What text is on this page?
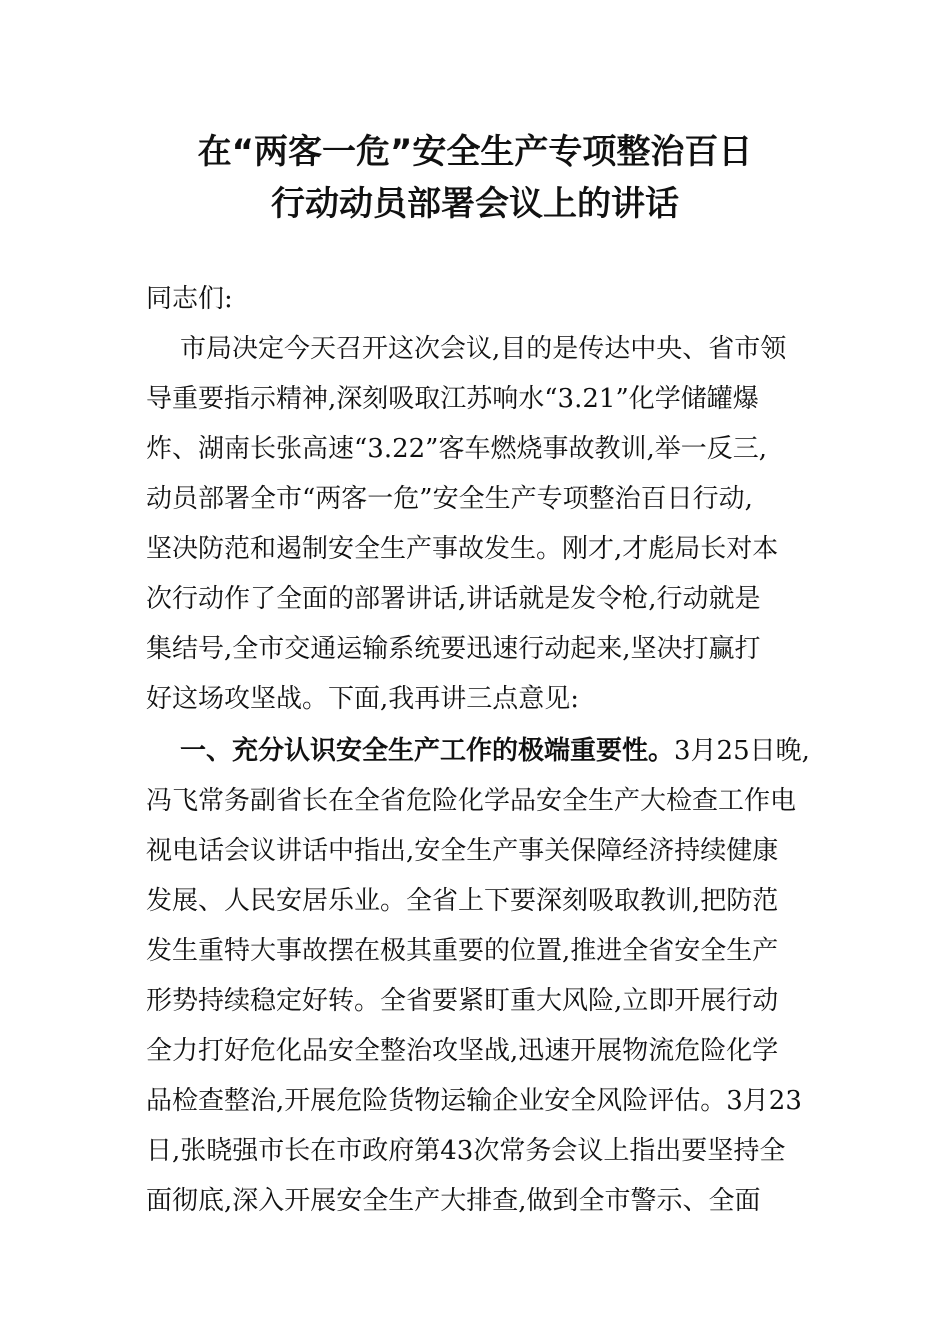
在“两客一危”安全生产专项整治百日
行动动员部署会议上的讲话
同志们:
市局决定今天召开这次会议,目的是传达中央、省市领
导重要指示精神,深刻吸取江苏响水“3.21”化学储罐爆
炸、湖南长张高速“3.22”客车燃烧事故教训,举一反三,
动员部署全市“两客一危”安全生产专项整治百日行动,
坚决防范和遏制安全生产事故发生。刚才,才彪局长对本
次行动作了全面的部署讲话,讲话就是发令枪,行动就是
集结号,全市交通运输系统要迅速行动起来,坚决打赢打
好这场攻坚战。下面,我再讲三点意见:
一、充分认识安全生产工作的极端重要性。3月25日晚,
冯飞常务副省长在全省危险化学品安全生产大检查工作电
视电话会议讲话中指出,安全生产事关保障经济持续健康
发展、人民安居乐业。全省上下要深刻吸取教训,把防范
发生重特大事故摆在极其重要的位置,推进全省安全生产
形势持续稳定好转。全省要紧盯重大风险,立即开展行动
全力打好危化品安全整治攻坚战,迅速开展物流危险化学
品检查整治,开展危险货物运输企业安全风险评估。3月23
日,张晓强市长在市政府第43次常务会议上指出要坚持全
面彻底,深入开展安全生产大排查,做到全市警示、全面
